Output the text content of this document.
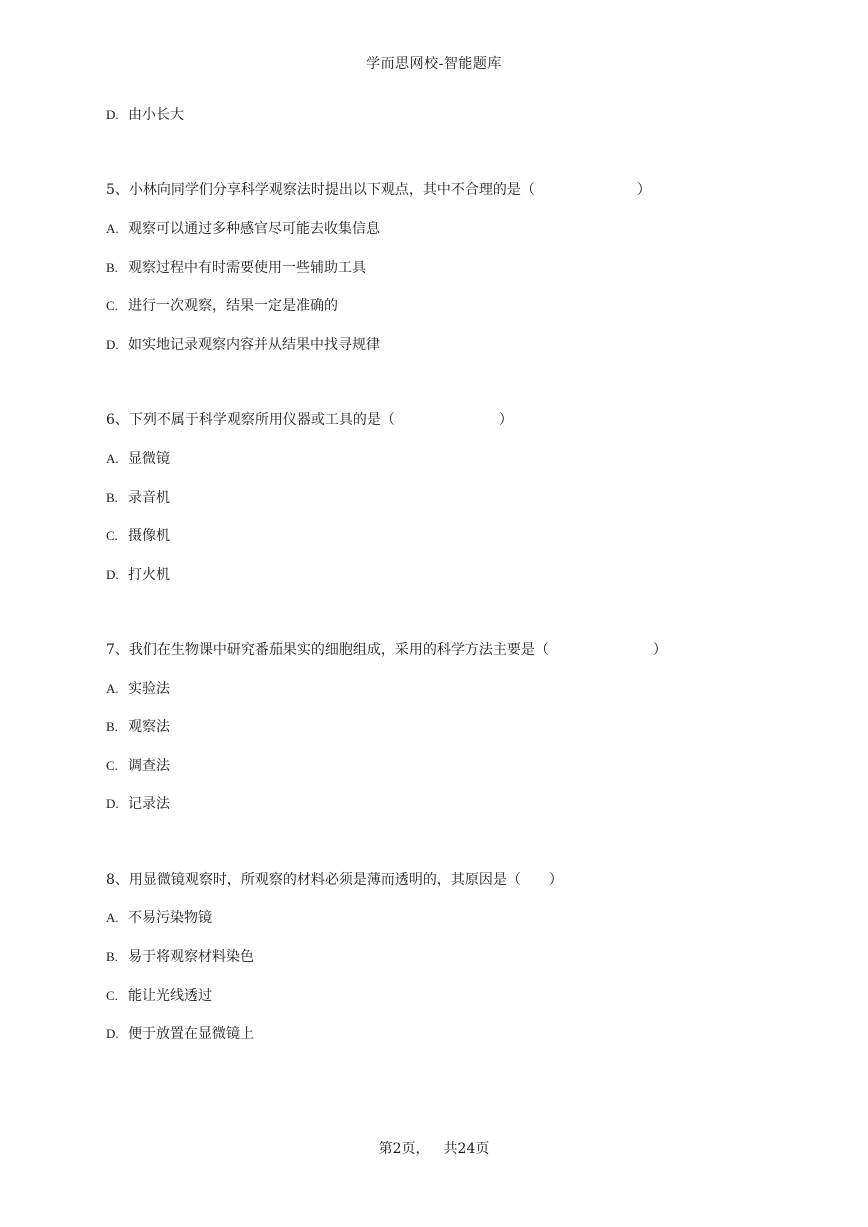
学而思网校-智能题库
D. 由小长大
5、小林向同学们分享科学观察法时提出以下观点，其中不合理的是（	）
A. 观察可以通过多种感官尽可能去收集信息
B. 观察过程中有时需要使用一些辅助工具
C. 进行一次观察，结果一定是准确的
D. 如实地记录观察内容并从结果中找寻规律
6、下列不属于科学观察所用仪器或工具的是（	）
A. 显微镜
B. 录音机
C. 摄像机
D. 打火机
7、我们在生物课中研究番茄果实的细胞组成，采用的科学方法主要是（	）
A. 实验法
B. 观察法
C. 调查法
D. 记录法
8、用显微镜观察时，所观察的材料必须是薄而透明的，其原因是（ ）
A. 不易污染物镜
B. 易于将观察材料染色
C. 能让光线透过
D. 便于放置在显微镜上
第2页， 共24页
